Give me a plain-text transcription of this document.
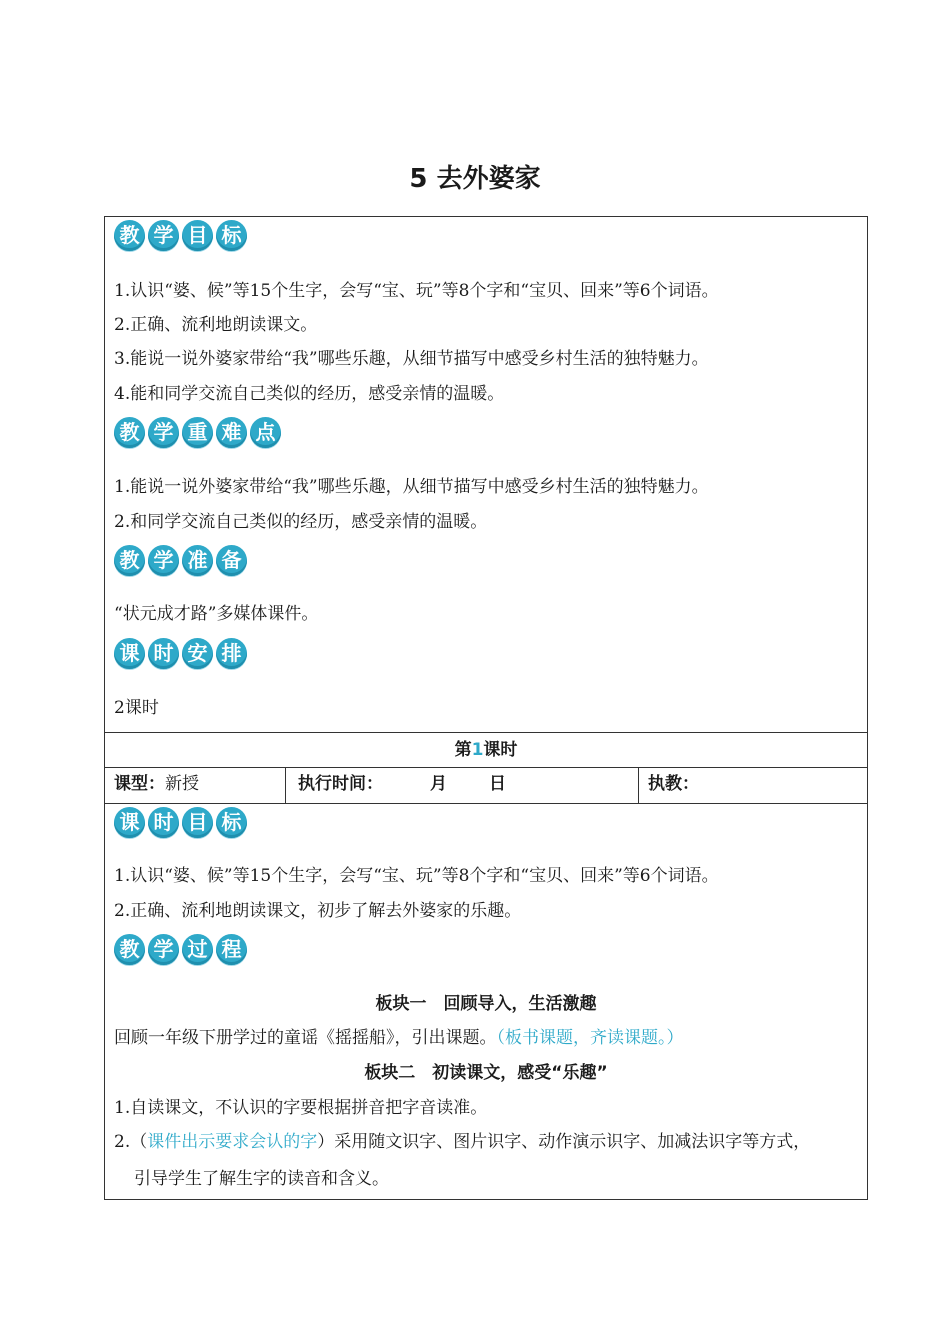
5 去外婆家
教 学 目 标
1.认识“婆、候”等15个生字，会写“宝、玩”等8个字和“宝贝、回来”等6个词语。
2.正确、流利地朗读课文。
3.能说一说外婆家带给“我”哪些乐趣，从细节描写中感受乡村生活的独特魅力。
4.能和同学交流自己类似的经历，感受亲情的温暖。
教 学 重 难 点
1.能说一说外婆家带给“我”哪些乐趣，从细节描写中感受乡村生活的独特魅力。
2.和同学交流自己类似的经历，感受亲情的温暖。
教 学 准 备
“状元成才路”多媒体课件。
课 时 安 排
2课时
第1课时
课型：新授	执行时间：	月 日	执教：
课 时 目 标
1.认识“婆、候”等15个生字，会写“宝、玩”等8个字和“宝贝、回来”等6个词语。
2.正确、流利地朗读课文，初步了解去外婆家的乐趣。
教 学 过 程
板块一　回顾导入，生活激趣
回顾一年级下册学过的童谣《摇摇船》，引出课题。（板书课题，齐读课题。）
板块二　初读课文，感受“乐趣”
1.自读课文，不认识的字要根据拼音把字音读准。
2.（课件出示要求会认的字）采用随文识字、图片识字、动作演示识字、加减法识字等方式，
引导学生了解生字的读音和含义。
